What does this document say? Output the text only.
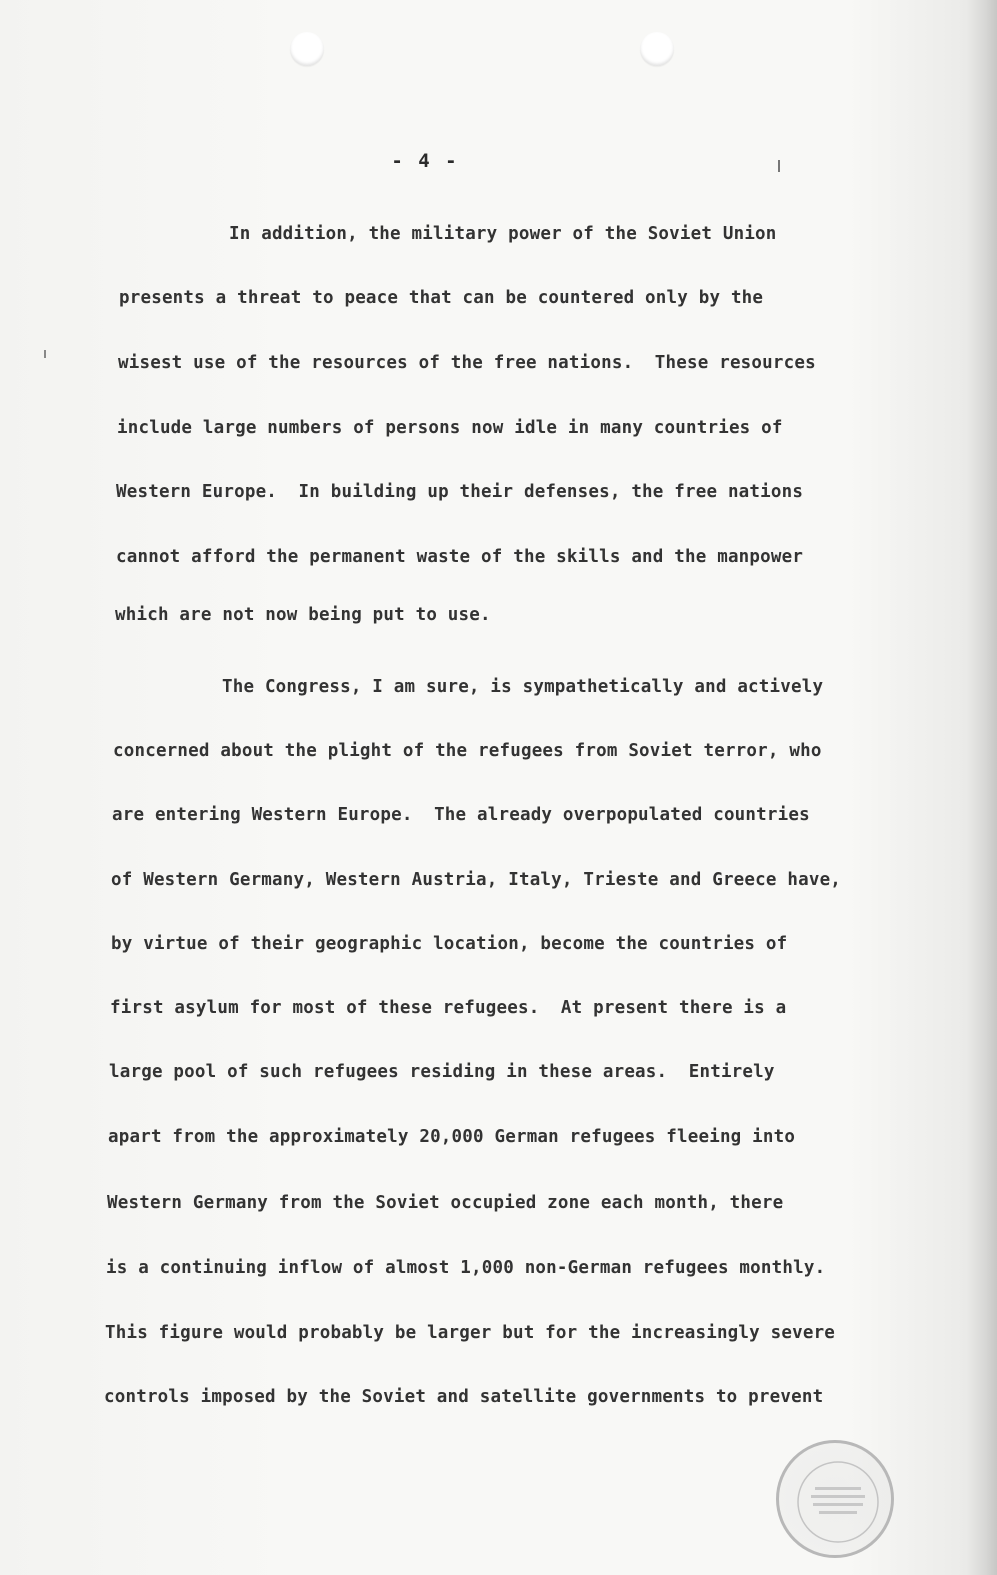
- 4 -
In addition, the military power of the Soviet Union
presents a threat to peace that can be countered only by the
wisest use of the resources of the free nations.  These resources
include large numbers of persons now idle in many countries of
Western Europe.  In building up their defenses, the free nations
cannot afford the permanent waste of the skills and the manpower
which are not now being put to use.
The Congress, I am sure, is sympathetically and actively
concerned about the plight of the refugees from Soviet terror, who
are entering Western Europe.  The already overpopulated countries
of Western Germany, Western Austria, Italy, Trieste and Greece have,
by virtue of their geographic location, become the countries of
first asylum for most of these refugees.  At present there is a
large pool of such refugees residing in these areas.  Entirely
apart from the approximately 20,000 German refugees fleeing into
Western Germany from the Soviet occupied zone each month, there
is a continuing inflow of almost 1,000 non-German refugees monthly.
This figure would probably be larger but for the increasingly severe
controls imposed by the Soviet and satellite governments to prevent
